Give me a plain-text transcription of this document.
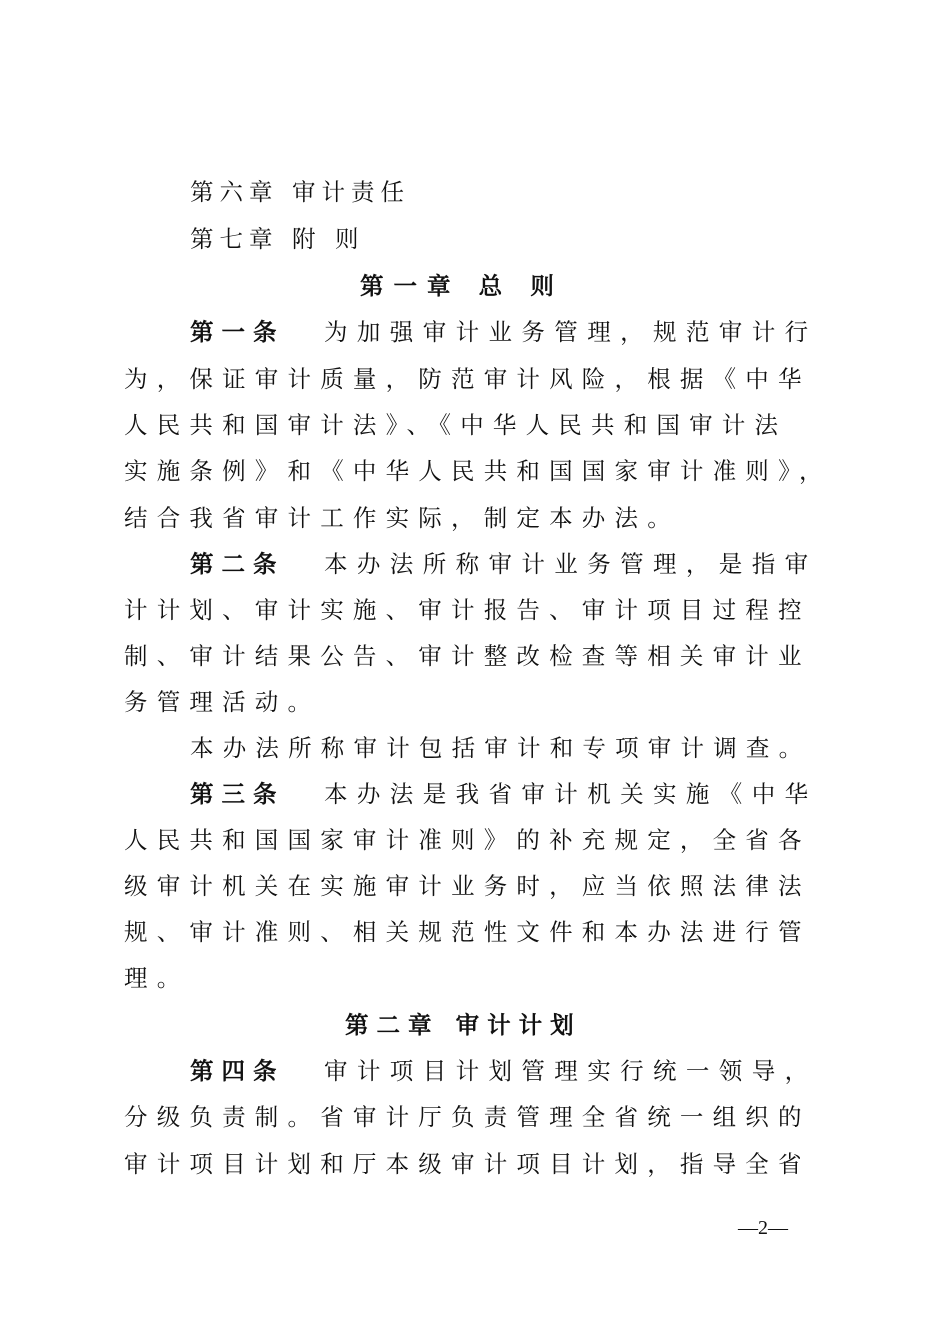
第六章 审计责任
第七章 附 则
第一章 总 则
第一条 为加强审计业务管理，规范审计行
为，保证审计质量，防范审计风险，根据《中华
人民共和国审计法》、《中华人民共和国审计法
实施条例》和《中华人民共和国国家审计准则》，
结合我省审计工作实际，制定本办法。
第二条 本办法所称审计业务管理，是指审
计计划、审计实施、审计报告、审计项目过程控
制、审计结果公告、审计整改检查等相关审计业
务管理活动。
本办法所称审计包括审计和专项审计调查。
第三条 本办法是我省审计机关实施《中华
人民共和国国家审计准则》的补充规定，全省各
级审计机关在实施审计业务时，应当依照法律法
规、审计准则、相关规范性文件和本办法进行管
理。
第二章 审计计划
第四条 审计项目计划管理实行统一领导，
分级负责制。省审计厅负责管理全省统一组织的
审计项目计划和厅本级审计项目计划，指导全省
—2—
